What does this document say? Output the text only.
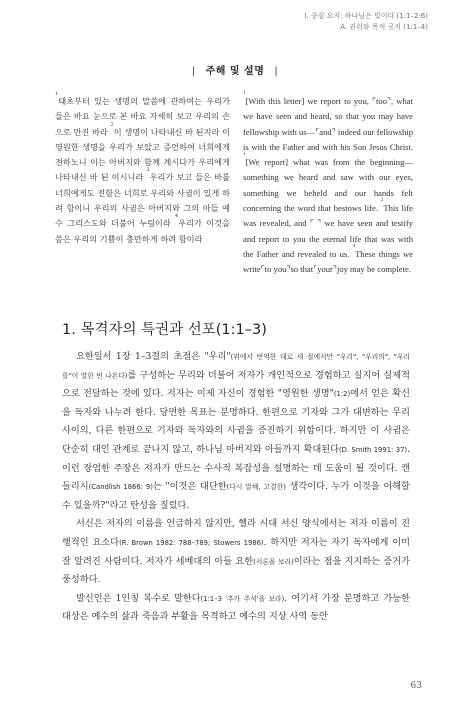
I. 중심 요지: 하나님은 빛이다 (1:1–2:6)
A. 권위와 목적 공지 (1:1–4)
| 주해 및 설명 |
$^1$태초부터 있는 생명의 말씀에 관하여는 우리가 들은 바요 눈으로 본 바요 자세히 보고 우리의 손으로 만진 바라 $^2$이 생명이 나타내신 바 된지라 이 영원한 생명을 우리가 보았고 증언하여 너희에게 전하노니 이는 아버지와 함께 계시다가 우리에게 나타내신 바 된 이시니라 $^3$우리가 보고 들은 바를 너희에게도 전함은 너희로 우리와 사귐이 있게 하려 함이니 우리의 사귐은 아버지와 그의 아들 예수 그리스도와 더불어 누림이라 $^4$우리가 이것을 씀은 우리의 기쁨이 충만하게 하려 함이라
$^1$[With this letter] we report to you, ⌜too⌝, what we have seen and heard, so that you may have fellowship with us—⌜and⌝ indeed our fellowship is with the Father and with his Son Jesus Christ. $^1$[We report] what was from the beginning—something we heard and saw with our eyes, something we beheld and our hands felt concerning the word that bestows life. $^2$This life was revealed, and ⌜ ⌝ we have seen and testify and report to you the eternal life that was with the Father and revealed to us. $^4$These things we write⌜to you⌝so that⌜your⌝joy may be complete.
1. 목격자의 특권과 선포(1:1–3)

요한일서 1장 1–3절의 초점은 "우리"(위에서 번역한 대로 세 절에서만 "우리", "우리의", "우리를"이 열한 번 나온다)를 구성하는 무리와 더불어 저자가 개인적으로 경험하고 실지어 실제적으로 전달하는 것에 있다. 저자는 이제 자신이 경험한 "영원한 생명"(1:2)에서 얻은 확신을 독자와 나누려 한다. 당면한 목표는 분명하다. 한편으로 기자와 그가 대변하는 무리 사이의, 다른 한편으로 기자와 독자와의 사귐을 증진하기 위함이다. 하지만 이 사귐은 단순히 대인 관계로 끝나지 않고, 하나님 아버지와 아들까지 확대된다(D. Smith 1991: 37). 이런 장엄한 주장은 저자가 만드는 수사적 복잡성을 설명하는 데 도움이 될 것이다. 캔들리시(Candlish 1866: 9)는 "이것은 대단한(다시 말해, 고결한) 생각이다. 누가 이것을 이해할 수 있을까?"라고 탄성을 질렀다.

서신은 저자의 이름을 언급하지 않지만, 헬라 시대 서신 양식에서는 저자 이름이 진행적인 요소다(R. Brown 1982: 788–789; Stowers 1986). 하지만 저자는 자기 독자에게 이미 잘 알려진 사람이다. 저자가 세베대의 아들 요한(서론을 보라)이라는 점을 지지하는 증거가 풍성하다.

발신인은 1인칭 복수로 말한다(1:1–3 '추가 주석'을 보라). 여기서 가장 분명하고 가능한 대상은 예수의 삶과 죽음과 부활을 목격하고 예수의 지상 사역 동안

63
